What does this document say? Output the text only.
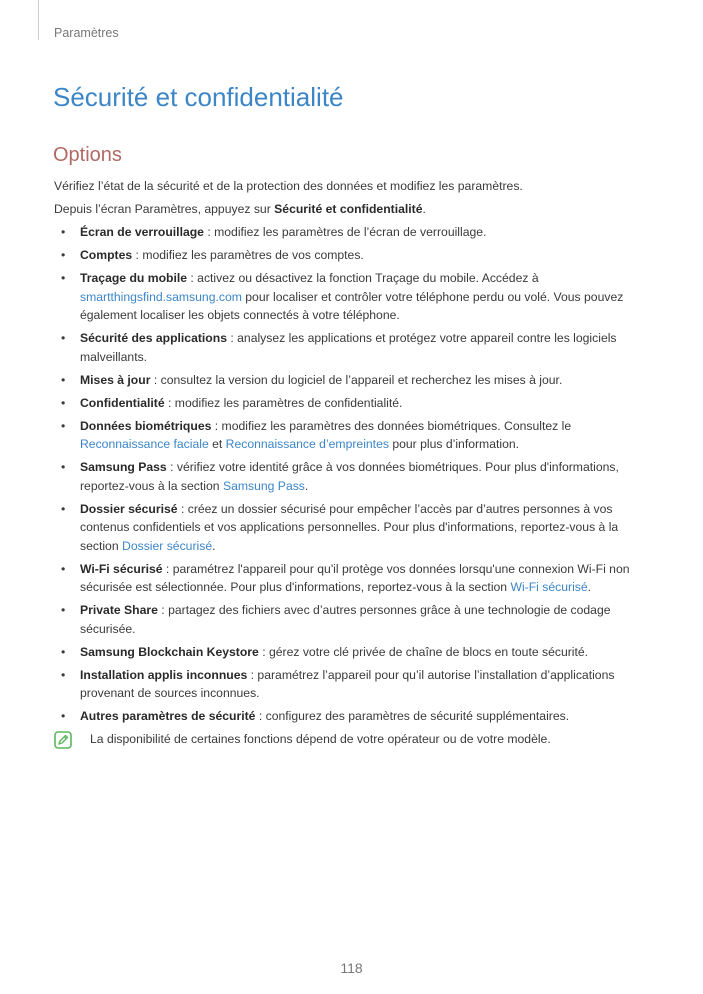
Paramètres
Sécurité et confidentialité
Options

Vérifiez l’état de la sécurité et de la protection des données et modifiez les paramètres.

Depuis l’écran Paramètres, appuyez sur Sécurité et confidentialité.

• Écran de verrouillage : modifiez les paramètres de l’écran de verrouillage.
• Comptes : modifiez les paramètres de vos comptes.
• Traçage du mobile : activez ou désactivez la fonction Traçage du mobile. Accédez à smartthingsfind.samsung.com pour localiser et contrôler votre téléphone perdu ou volé. Vous pouvez également localiser les objets connectés à votre téléphone.
• Sécurité des applications : analysez les applications et protégez votre appareil contre les logiciels malveillants.
• Mises à jour : consultez la version du logiciel de l’appareil et recherchez les mises à jour.
• Confidentialité : modifiez les paramètres de confidentialité.
• Données biométriques : modifiez les paramètres des données biométriques. Consultez le Reconnaissance faciale et Reconnaissance d’empreintes pour plus d’information.
• Samsung Pass : vérifiez votre identité grâce à vos données biométriques. Pour plus d'informations, reportez-vous à la section Samsung Pass.
• Dossier sécurisé : créez un dossier sécurisé pour empêcher l’accès par d’autres personnes à vos contenus confidentiels et vos applications personnelles. Pour plus d'informations, reportez-vous à la section Dossier sécurisé.
• Wi-Fi sécurisé : paramétrez l'appareil pour qu'il protège vos données lorsqu'une connexion Wi-Fi non sécurisée est sélectionnée. Pour plus d'informations, reportez-vous à la section Wi-Fi sécurisé.
• Private Share : partagez des fichiers avec d’autres personnes grâce à une technologie de codage sécurisée.
• Samsung Blockchain Keystore : gérez votre clé privée de chaîne de blocs en toute sécurité.
• Installation applis inconnues : paramétrez l’appareil pour qu’il autorise l’installation d’applications provenant de sources inconnues.
• Autres paramètres de sécurité : configurez des paramètres de sécurité supplémentaires.
La disponibilité de certaines fonctions dépend de votre opérateur ou de votre modèle.
118
